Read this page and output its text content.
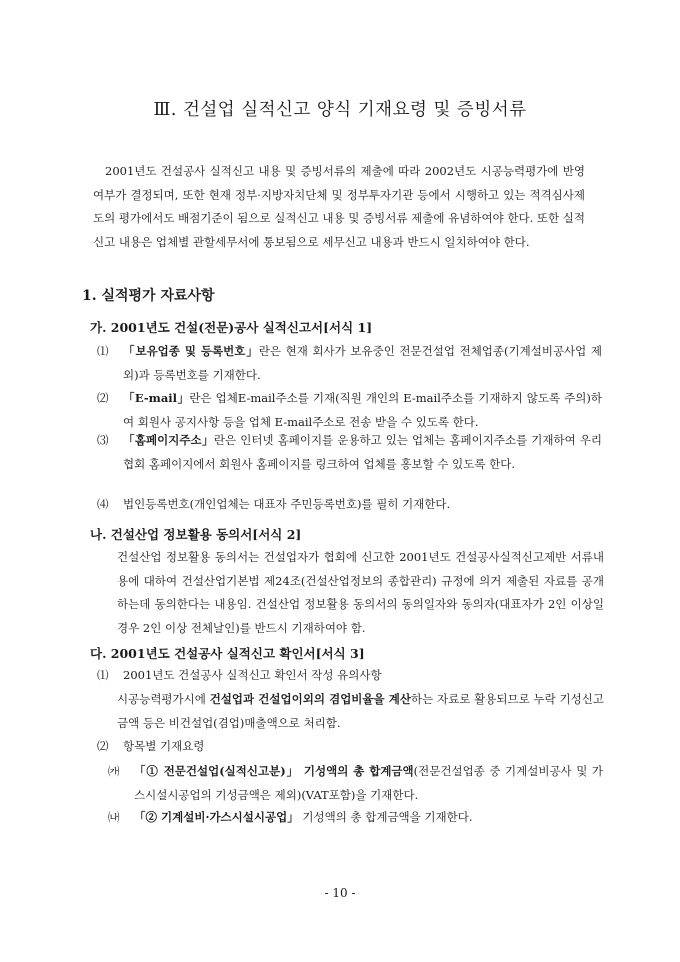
Ⅲ. 건설업 실적신고 양식 기재요령 및 증빙서류

2001년도 건설공사 실적신고 내용 및 증빙서류의 제출에 따라 2002년도 시공능력평가에 반영 여부가 결정되며, 또한 현재 정부·지방자치단체 및 정부투자기관 등에서 시행하고 있는 적격심사제도의 평가에서도 배점기준이 됨으로 실적신고 내용 및 증빙서류 제출에 유념하여야 한다. 또한 실적신고 내용은 업체별 관할세무서에 통보됨으로 세무신고 내용과 반드시 일치하여야 한다.

1. 실적평가 자료사항
가. 2001년도 건설(전문)공사 실적신고서[서식 1]
⑴	「보유업종 및 등록번호」란은 현재 회사가 보유중인 전문건설업 전체업종(기계설비공사업 제외)과 등록번호를 기재한다.
⑵	「E-mail」란은 업체E-mail주소를 기재(직원 개인의 E-mail주소를 기재하지 않도록 주의)하여 회원사 공지사항 등을 업체 E-mail주소로 전송 받을 수 있도록 한다.
⑶	「홈페이지주소」란은 인터넷 홈페이지를 운용하고 있는 업체는 홈페이지주소를 기재하여 우리협회 홈페이지에서 회원사 홈페이지를 링크하여 업체를 홍보할 수 있도록 한다.
⑷	법인등록번호(개인업체는 대표자 주민등록번호)를 필히 기재한다.
나. 건설산업 정보활용 동의서[서식 2]
건설산업 정보활용 동의서는 건설업자가 협회에 신고한 2001년도 건설공사실적신고제반 서류내용에 대하여 건설산업기본법 제24조(건설산업정보의 종합관리) 규정에 의거 제출된 자료를 공개하는데 동의한다는 내용임. 건설산업 정보활용 동의서의 동의일자와 동의자(대표자가 2인 이상일 경우 2인 이상 전체날인)를 반드시 기재하여야 함.
다. 2001년도 건설공사 실적신고 확인서[서식 3]
⑴ 2001년도 건설공사 실적신고 확인서 작성 유의사항
시공능력평가시에 건설업과 건설업이외의 겸업비율을 계산하는 자료로 활용되므로 누락 기성신고금액 등은 비건설업(겸업)매출액으로 처리함.
⑵ 항목별 기재요령
㈎	「① 전문건설업(실적신고분)」 기성액의 총 합계금액(전문건설업종 중 기계설비공사 및 가스시설시공업의 기성금액은 제외)(VAT포함)을 기재한다.
㈏	「② 기계설비·가스시설시공업」 기성액의 총 합계금액을 기재한다.
- 10 -
